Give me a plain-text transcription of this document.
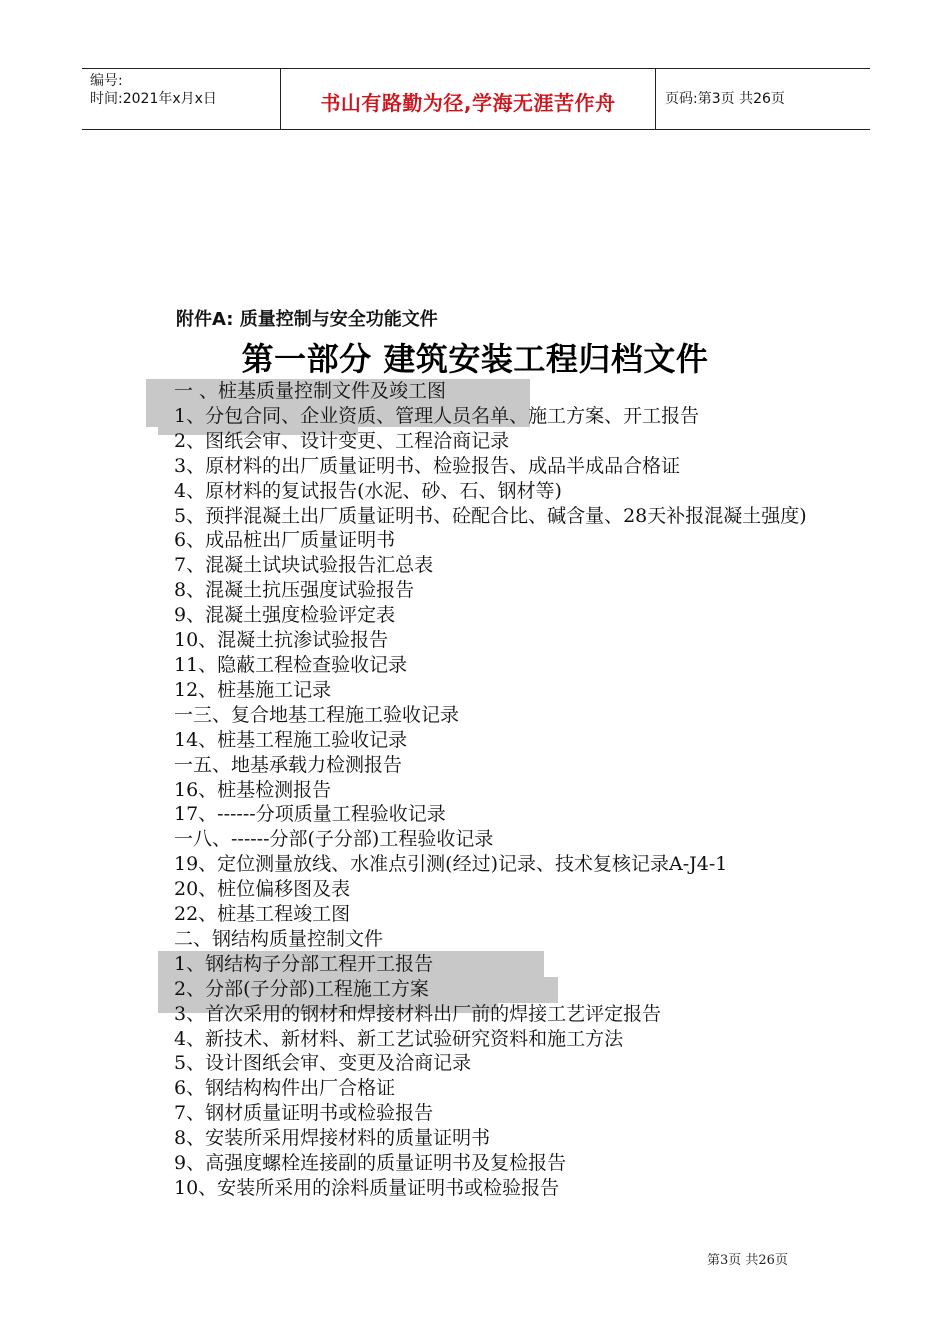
编号:
时间:2021年x月x日	书山有路勤为径,学海无涯苦作舟	页码:第3页 共26页
附件A: 质量控制与安全功能文件
第一部分 建筑安装工程归档文件
一 、桩基质量控制文件及竣工图
1、分包合同、企业资质、管理人员名单、施工方案、开工报告
2、图纸会审、设计变更、工程洽商记录
3、原材料的出厂质量证明书、检验报告、成品半成品合格证
4、原材料的复试报告(水泥、砂、石、钢材等)
5、预拌混凝土出厂质量证明书、砼配合比、碱含量、28天补报混凝土强度)
6、成品桩出厂质量证明书
7、混凝土试块试验报告汇总表
8、混凝土抗压强度试验报告
9、混凝土强度检验评定表
10、混凝土抗渗试验报告
11、隐蔽工程检查验收记录
12、桩基施工记录
一三、复合地基工程施工验收记录
14、桩基工程施工验收记录
一五、地基承载力检测报告
16、桩基检测报告
17、------分项质量工程验收记录
一八、------分部(子分部)工程验收记录
19、定位测量放线、水准点引测(经过)记录、技术复核记录A-J4-1
20、桩位偏移图及表
22、桩基工程竣工图
二、钢结构质量控制文件
1、钢结构子分部工程开工报告
2、分部(子分部)工程施工方案
3、首次采用的钢材和焊接材料出厂前的焊接工艺评定报告
4、新技术、新材料、新工艺试验研究资料和施工方法
5、设计图纸会审、变更及洽商记录
6、钢结构构件出厂合格证
7、钢材质量证明书或检验报告
8、安装所采用焊接材料的质量证明书
9、高强度螺栓连接副的质量证明书及复检报告
10、安装所采用的涂料质量证明书或检验报告
第3页 共26页
